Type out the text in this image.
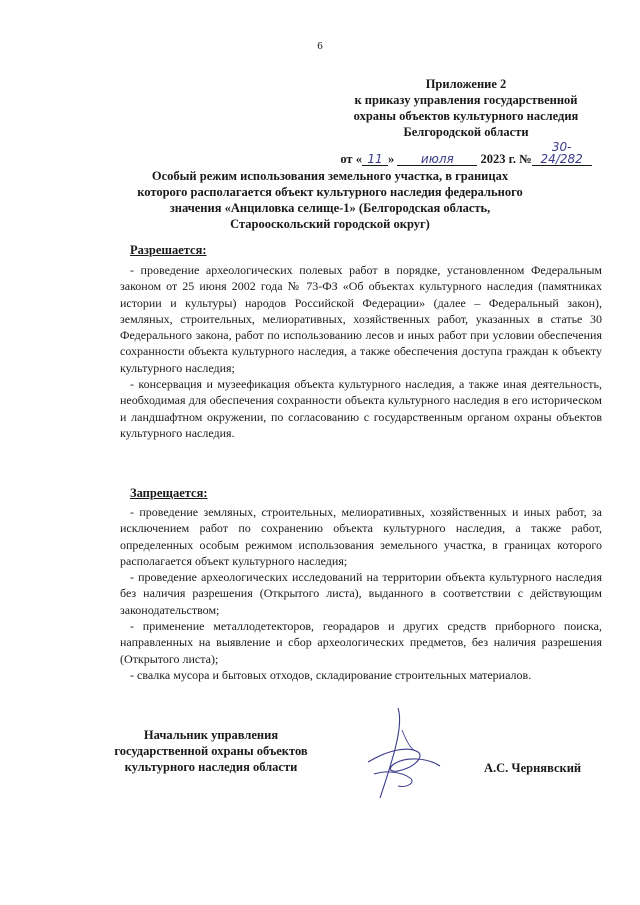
6
Приложение 2
к приказу управления государственной
охраны объектов культурного наследия
Белгородской области
от « 11 » июля 2023 г. №30-24/282
Особый режим использования земельного участка, в границах
которого располагается объект культурного наследия федерального
значения «Анциловка селище-1» (Белгородская область,
Старооскольский городской округ)
Разрешается:

- проведение археологических полевых работ в порядке, установленном Федеральным законом от 25 июня 2002 года № 73-ФЗ «Об объектах культурного наследия (памятниках истории и культуры) народов Российской Федерации» (далее – Федеральный закон), земляных, строительных, мелиоративных, хозяйственных работ, указанных в статье 30 Федерального закона, работ по использованию лесов и иных работ при условии обеспечения сохранности объекта культурного наследия, а также обеспечения доступа граждан к объекту культурного наследия;

- консервация и музеефикация объекта культурного наследия, а также иная деятельность, необходимая для обеспечения сохранности объекта культурного наследия в его историческом и ландшафтном окружении, по согласованию с государственным органом охраны объектов культурного наследия.

Запрещается:

- проведение земляных, строительных, мелиоративных, хозяйственных и иных работ, за исключением работ по сохранению объекта культурного наследия, а также работ, определенных особым режимом использования земельного участка, в границах которого располагается объект культурного наследия;

- проведение археологических исследований на территории объекта культурного наследия без наличия разрешения (Открытого листа), выданного в соответствии с действующим законодательством;

- применение металлодетекторов, георадаров и других средств приборного поиска, направленных на выявление и сбор археологических предметов, без наличия разрешения (Открытого листа);

- свалка мусора и бытовых отходов, складирование строительных материалов.

Начальник управления
государственной охраны объектов
культурного наследия области	А.С. Чернявский
